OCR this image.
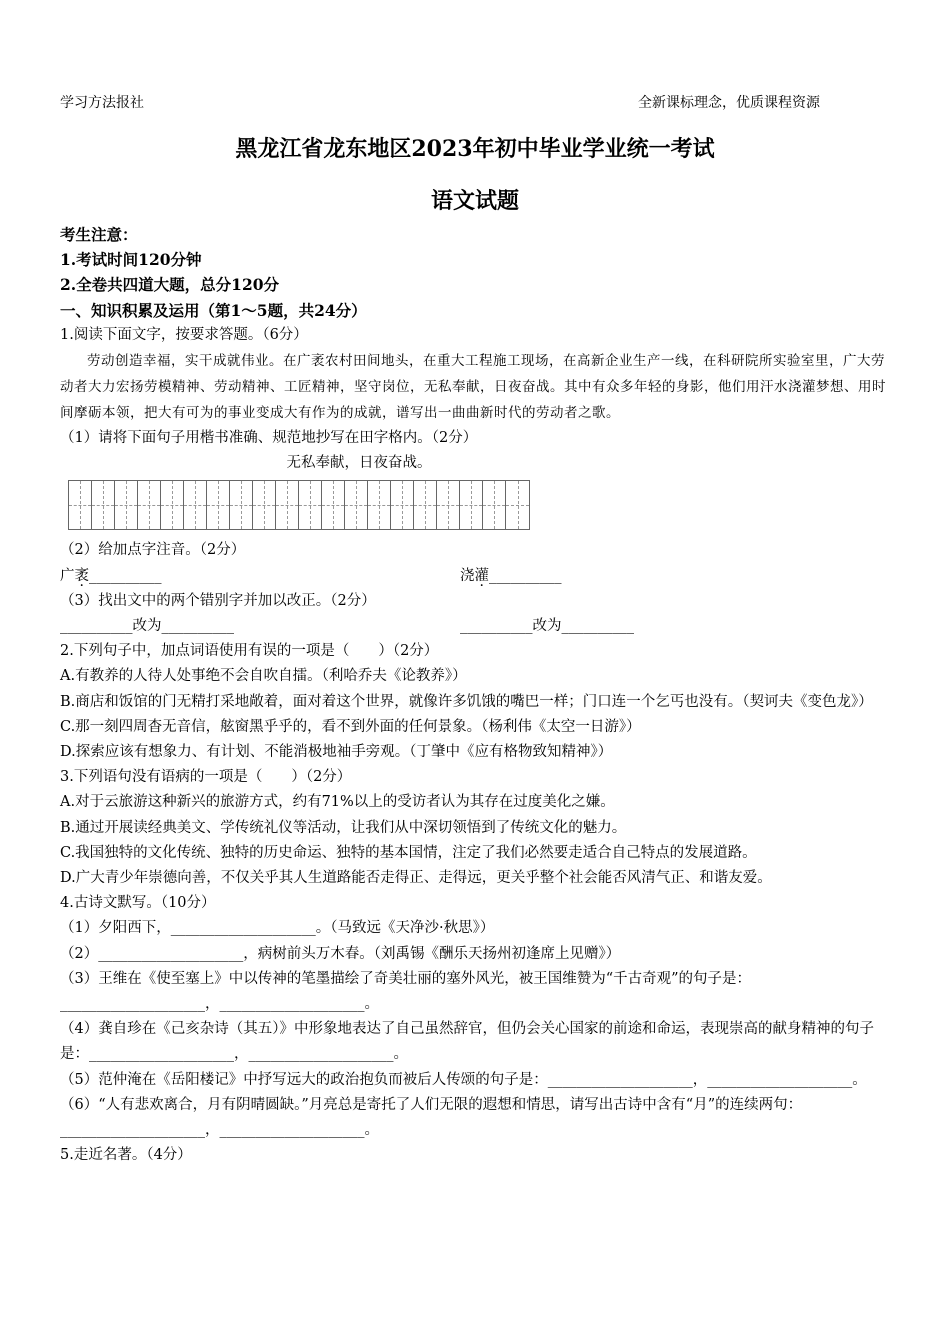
学习方法报社	全新课标理念，优质课程资源
黑龙江省龙东地区2023年初中毕业学业统一考试
语文试题

考生注意：

1.考试时间120分钟

2.全卷共四道大题，总分120分

一、知识积累及运用（第1～5题，共24分）

1.阅读下面文字，按要求答题。（6分）

劳动创造幸福，实干成就伟业。在广袤农村田间地头，在重大工程施工现场，在高新企业生产一线，在科研院所实验室里，广大劳动者大力宏扬劳模精神、劳动精神、工匠精神，坚守岗位，无私奉献，日夜奋战。其中有众多年轻的身影，他们用汗水浇灌梦想、用时间摩砺本领，把大有可为的事业变成大有作为的成就，谱写出一曲曲新时代的劳动者之歌。

（1）请将下面句子用楷书准确、规范地抄写在田字格内。（2分）

无私奉献，日夜奋战。

（2）给加点字注音。（2分）

广袤__________	浇灌__________

（3）找出文中的两个错别字并加以改正。（2分）

__________改为__________	__________改为__________

2.下列句子中，加点词语使用有误的一项是（　　）（2分）

A.有教养的人待人处事绝不会自吹自擂。（利哈乔夫《论教养》）

B.商店和饭馆的门无精打采地敞着，面对着这个世界，就像许多饥饿的嘴巴一样；门口连一个乞丐也没有。（契诃夫《变色龙》）

C.那一刻四周杳无音信，舷窗黑乎乎的，看不到外面的任何景象。（杨利伟《太空一日游》）

D.探索应该有想象力、有计划、不能消极地袖手旁观。（丁肇中《应有格物致知精神》）

3.下列语句没有语病的一项是（　　）（2分）

A.对于云旅游这种新兴的旅游方式，约有71%以上的受访者认为其存在过度美化之嫌。

B.通过开展读经典美文、学传统礼仪等活动，让我们从中深切领悟到了传统文化的魅力。

C.我国独特的文化传统、独特的历史命运、独特的基本国情，注定了我们必然要走适合自己特点的发展道路。

D.广大青少年崇德向善，不仅关乎其人生道路能否走得正、走得远，更关乎整个社会能否风清气正、和谐友爱。

4.古诗文默写。（10分）

（1）夕阳西下，____________________。（马致远《天净沙·秋思》）

（2）____________________，病树前头万木春。（刘禹锡《酬乐天扬州初逢席上见赠》）

（3）王维在《使至塞上》中以传神的笔墨描绘了奇美壮丽的塞外风光，被王国维赞为“千古奇观”的句子是：____________________，____________________。

（4）龚自珍在《己亥杂诗（其五）》中形象地表达了自己虽然辞官，但仍会关心国家的前途和命运，表现崇高的献身精神的句子是：____________________，____________________。

（5）范仲淹在《岳阳楼记》中抒写远大的政治抱负而被后人传颂的句子是：____________________，____________________。

（6）“人有悲欢离合，月有阴晴圆缺。”月亮总是寄托了人们无限的遐想和情思，请写出古诗中含有“月”的连续两句：____________________，____________________。

5.走近名著。（4分）
